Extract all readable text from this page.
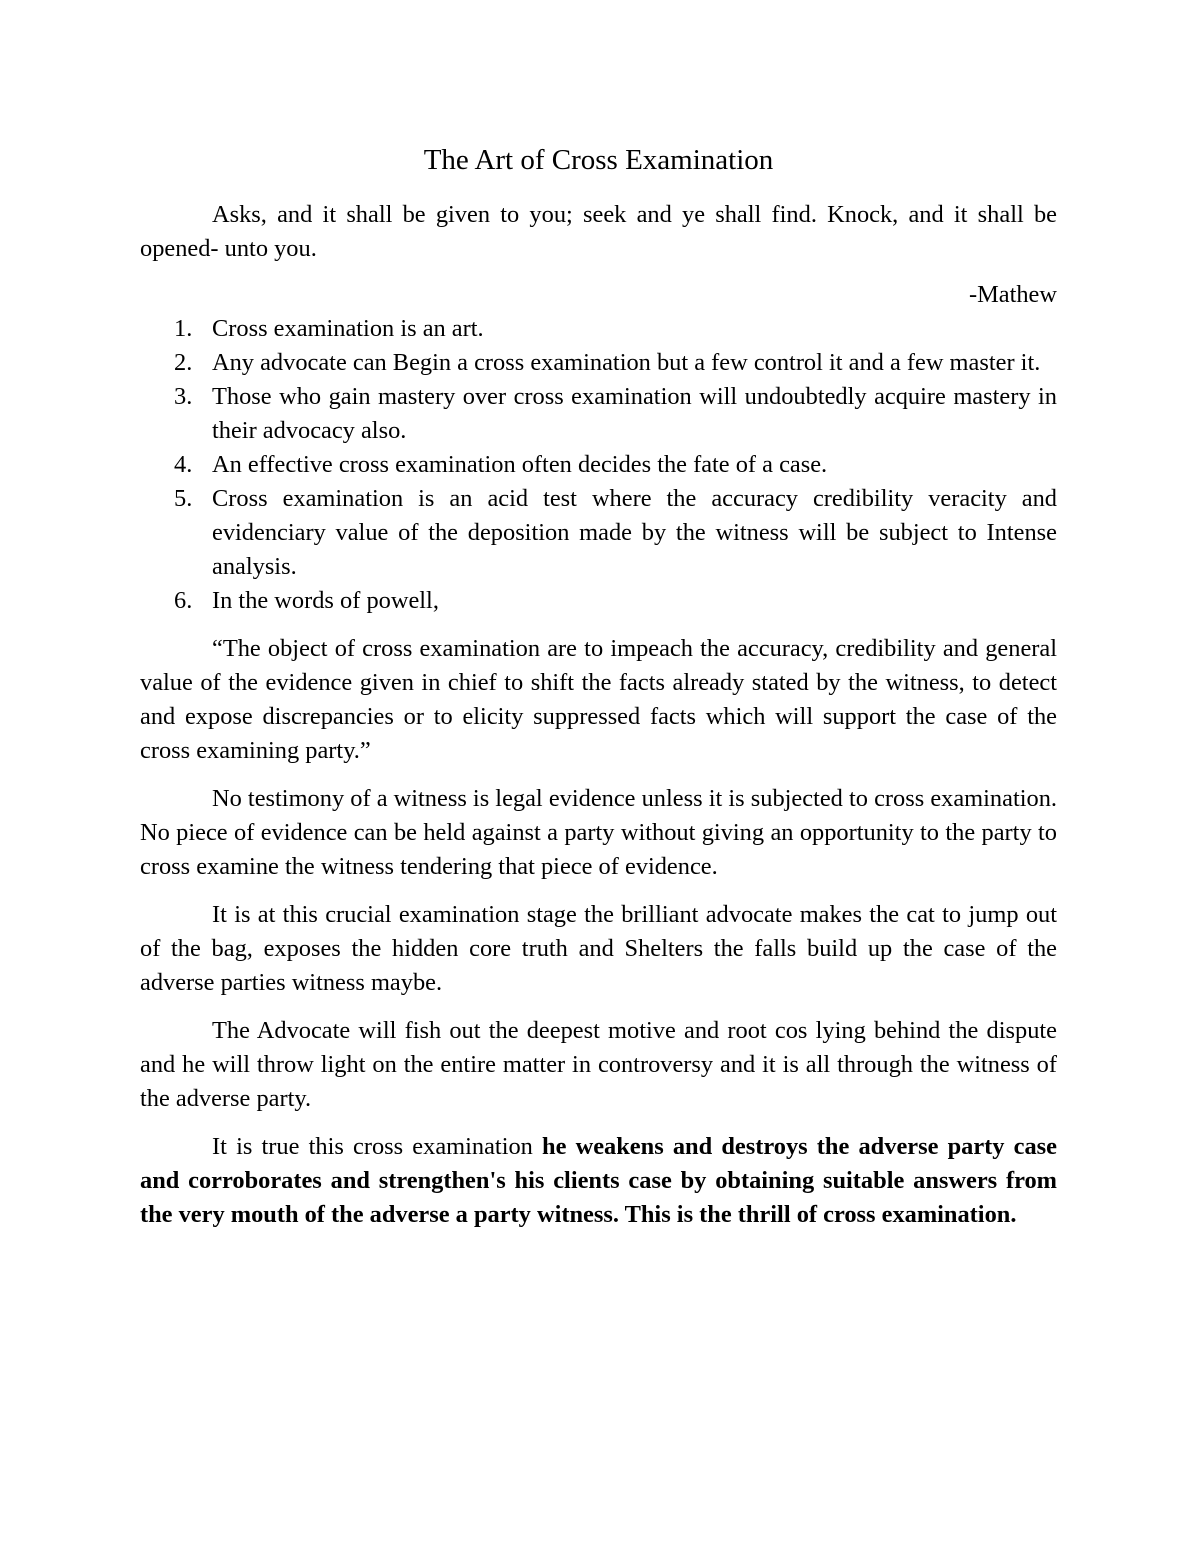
The Art of Cross Examination

Asks, and it shall be given to you; seek and ye shall find. Knock, and it shall be opened- unto you.

-Mathew

1. Cross examination is an art.
2. Any advocate can Begin a cross examination but a few control it and a few master it.
3. Those who gain mastery over cross examination will undoubtedly acquire mastery in their advocacy also.
4. An effective cross examination often decides the fate of a case.
5. Cross examination is an acid test where the accuracy credibility veracity and evidenciary value of the deposition made by the witness will be subject to Intense analysis.
6. In the words of powell,

“The object of cross examination are to impeach the accuracy, credibility and general value of the evidence given in chief to shift the facts already stated by the witness, to detect and expose discrepancies or to elicity suppressed facts which will support the case of the cross examining party.”

No testimony of a witness is legal evidence unless it is subjected to cross examination. No piece of evidence can be held against a party without giving an opportunity to the party to cross examine the witness tendering that piece of evidence.

It is at this crucial examination stage the brilliant advocate makes the cat to jump out of the bag, exposes the hidden core truth and Shelters the falls build up the case of the adverse parties witness maybe.

The Advocate will fish out the deepest motive and root cos lying behind the dispute and he will throw light on the entire matter in controversy and it is all through the witness of the adverse party.

It is true this cross examination he weakens and destroys the adverse party case and corroborates and strengthen's his clients case by obtaining suitable answers from the very mouth of the adverse a party witness. This is the thrill of cross examination.
